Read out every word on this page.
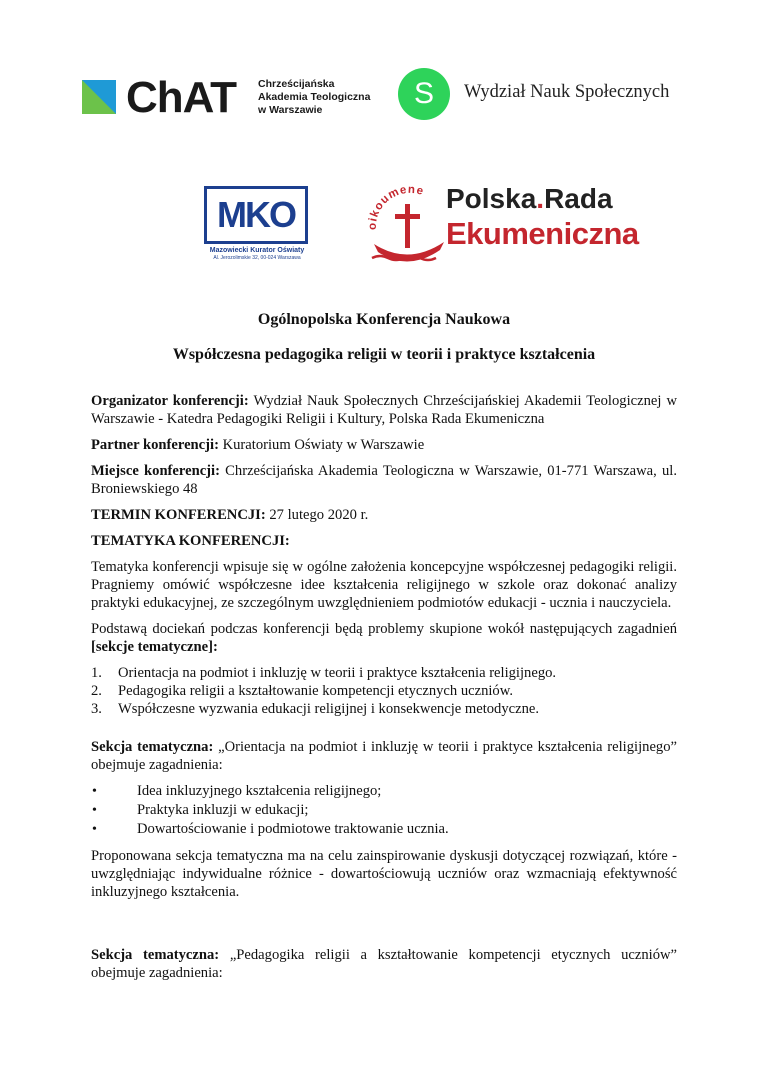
ChAT Chrześcijańska
Akademia Teologiczna
w Warszawie	S	Wydział Nauk Społecznych
MKO
Mazowiecki Kurator Oświaty
Al. Jerozolimskie 32, 00-024 Warszawa
oikoumene Polska.Rada
Ekumeniczna
Ogólnopolska Konferencja Naukowa
Współczesna pedagogika religii w teorii i praktyce kształcenia

Organizator konferencji: Wydział Nauk Społecznych Chrześcijańskiej Akademii Teologicznej w Warszawie - Katedra Pedagogiki Religii i Kultury, Polska Rada Ekumeniczna

Partner konferencji: Kuratorium Oświaty w Warszawie

Miejsce konferencji: Chrześcijańska Akademia Teologiczna w Warszawie, 01-771 Warszawa, ul. Broniewskiego 48

TERMIN KONFERENCJI: 27 lutego 2020 r.

TEMATYKA KONFERENCJI:

Tematyka konferencji wpisuje się w ogólne założenia koncepcyjne współczesnej pedagogiki religii. Pragniemy omówić współczesne idee kształcenia religijnego w szkole oraz dokonać analizy praktyki edukacyjnej, ze szczególnym uwzględnieniem podmiotów edukacji - ucznia i nauczyciela.

Podstawą dociekań podczas konferencji będą problemy skupione wokół następujących zagadnień [sekcje tematyczne]:

1. Orientacja na podmiot i inkluzję w teorii i praktyce kształcenia religijnego.
2. Pedagogika religii a kształtowanie kompetencji etycznych uczniów.
3. Współczesne wyzwania edukacji religijnej i konsekwencje metodyczne.

Sekcja tematyczna: „Orientacja na podmiot i inkluzję w teorii i praktyce kształcenia religijnego” obejmuje zagadnienia:

•	Idea inkluzyjnego kształcenia religijnego;
•	Praktyka inkluzji w edukacji;
•	Dowartościowanie i podmiotowe traktowanie ucznia.

Proponowana sekcja tematyczna ma na celu zainspirowanie dyskusji dotyczącej rozwiązań, które - uwzględniając indywidualne różnice - dowartościowują uczniów oraz wzmacniają efektywność inkluzyjnego kształcenia.

Sekcja tematyczna: „Pedagogika religii a kształtowanie kompetencji etycznych uczniów” obejmuje zagadnienia:
